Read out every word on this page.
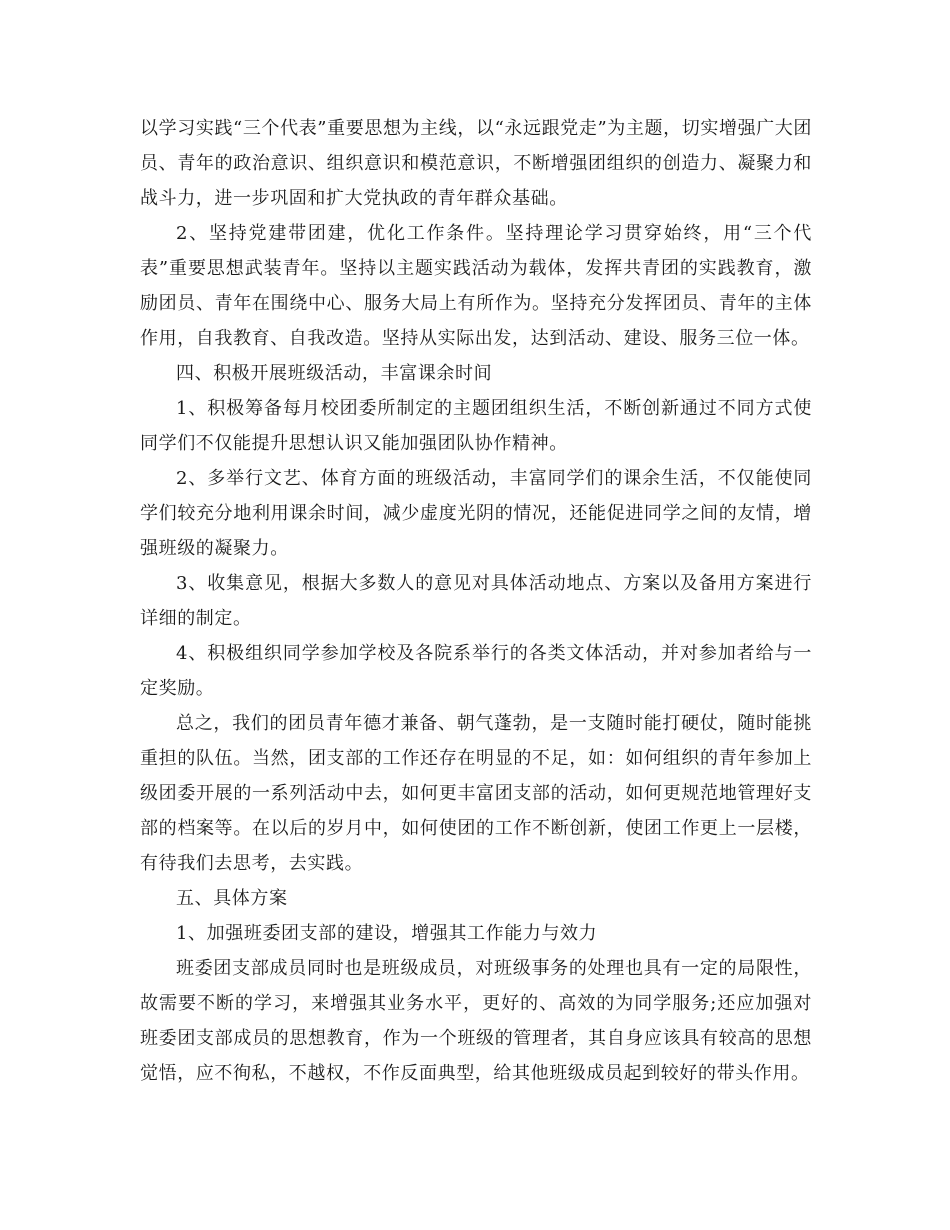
以学习实践“三个代表”重要思想为主线，以“永远跟党走”为主题，切实增强广大团员、青年的政治意识、组织意识和模范意识，不断增强团组织的创造力、凝聚力和战斗力，进一步巩固和扩大党执政的青年群众基础。

2、坚持党建带团建，优化工作条件。坚持理论学习贯穿始终，用“三个代表”重要思想武装青年。坚持以主题实践活动为载体，发挥共青团的实践教育，激励团员、青年在围绕中心、服务大局上有所作为。坚持充分发挥团员、青年的主体作用，自我教育、自我改造。坚持从实际出发，达到活动、建设、服务三位一体。

四、积极开展班级活动，丰富课余时间

1、积极筹备每月校团委所制定的主题团组织生活，不断创新通过不同方式使同学们不仅能提升思想认识又能加强团队协作精神。

2、多举行文艺、体育方面的班级活动，丰富同学们的课余生活，不仅能使同学们较充分地利用课余时间，减少虚度光阴的情况，还能促进同学之间的友情，增强班级的凝聚力。

3、收集意见，根据大多数人的意见对具体活动地点、方案以及备用方案进行详细的制定。

4、积极组织同学参加学校及各院系举行的各类文体活动，并对参加者给与一定奖励。

总之，我们的团员青年德才兼备、朝气蓬勃，是一支随时能打硬仗，随时能挑重担的队伍。当然，团支部的工作还存在明显的不足，如：如何组织的青年参加上级团委开展的一系列活动中去，如何更丰富团支部的活动，如何更规范地管理好支部的档案等。在以后的岁月中，如何使团的工作不断创新，使团工作更上一层楼，有待我们去思考，去实践。

五、具体方案

1、加强班委团支部的建设，增强其工作能力与效力

班委团支部成员同时也是班级成员，对班级事务的处理也具有一定的局限性，故需要不断的学习，来增强其业务水平，更好的、高效的为同学服务;还应加强对班委团支部成员的思想教育，作为一个班级的管理者，其自身应该具有较高的思想觉悟，应不徇私，不越权，不作反面典型，给其他班级成员起到较好的带头作用。
